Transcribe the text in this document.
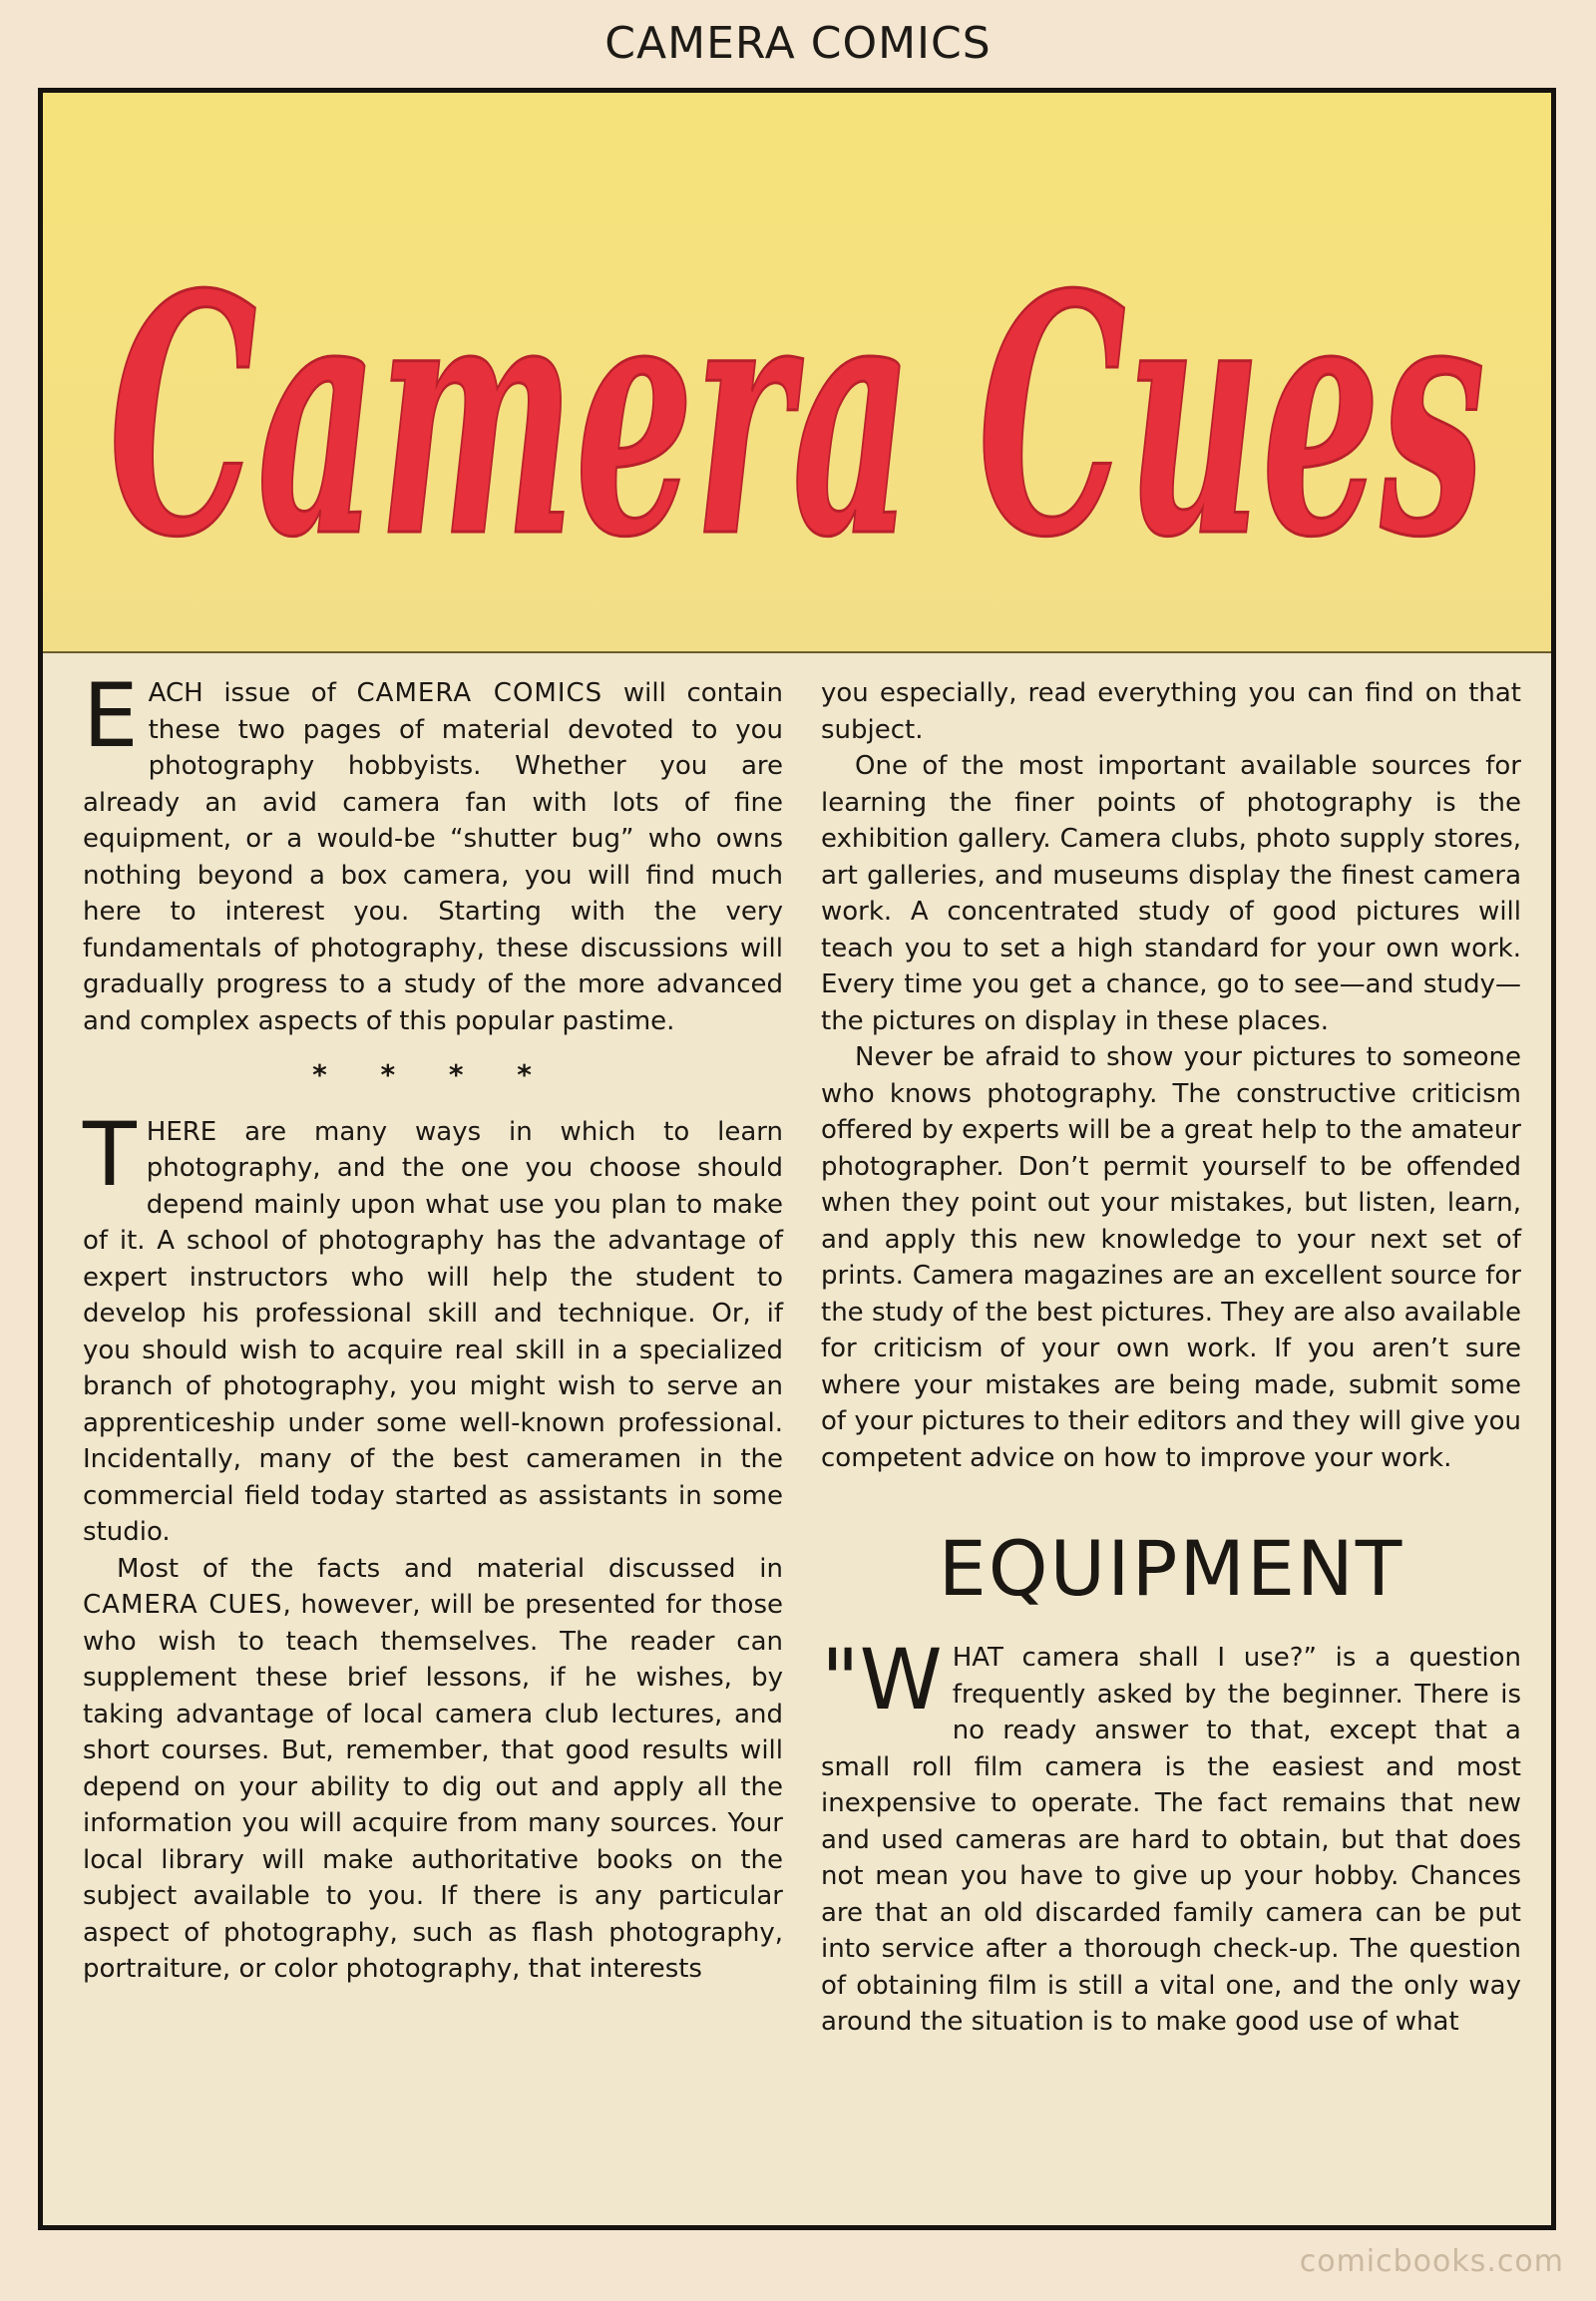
CAMERA COMICS
Camera Cues

EACH issue of CAMERA COMICS will contain these two pages of material devoted to you photography hobbyists. Whether you are already an avid camera fan with lots of fine equipment, or a would-be “shutter bug” who owns nothing beyond a box camera, you will find much here to interest you. Starting with the very fundamentals of photography, these discussions will gradually progress to a study of the more advanced and complex aspects of this popular pastime.

* * * *

THERE are many ways in which to learn photography, and the one you choose should depend mainly upon what use you plan to make of it. A school of photography has the advantage of expert instructors who will help the student to develop his professional skill and technique. Or, if you should wish to acquire real skill in a specialized branch of photography, you might wish to serve an apprenticeship under some well-known professional. Incidentally, many of the best cameramen in the commercial field today started as assistants in some studio.

Most of the facts and material discussed in CAMERA CUES, however, will be presented for those who wish to teach themselves. The reader can supplement these brief lessons, if he wishes, by taking advantage of local camera club lectures, and short courses. But, remember, that good results will depend on your ability to dig out and apply all the information you will acquire from many sources. Your local library will make authoritative books on the subject available to you. If there is any particular aspect of photography, such as flash photography, portraiture, or color photography, that interests

you especially, read everything you can find on that subject.

One of the most important available sources for learning the finer points of photography is the exhibition gallery. Camera clubs, photo supply stores, art galleries, and museums display the finest camera work. A concentrated study of good pictures will teach you to set a high standard for your own work. Every time you get a chance, go to see—and study—the pictures on display in these places.

Never be afraid to show your pictures to someone who knows photography. The constructive criticism offered by experts will be a great help to the amateur photographer. Don’t permit yourself to be offended when they point out your mistakes, but listen, learn, and apply this new knowledge to your next set of prints. Camera magazines are an excellent source for the study of the best pictures. They are also available for criticism of your own work. If you aren’t sure where your mistakes are being made, submit some of your pictures to their editors and they will give you competent advice on how to improve your work.

EQUIPMENT

"WHAT camera shall I use?” is a question frequently asked by the beginner. There is no ready answer to that, except that a small roll film camera is the easiest and most inexpensive to operate. The fact remains that new and used cameras are hard to obtain, but that does not mean you have to give up your hobby. Chances are that an old discarded family camera can be put into service after a thorough check-up. The question of obtaining film is still a vital one, and the only way around the situation is to make good use of what

comicbooks.com
